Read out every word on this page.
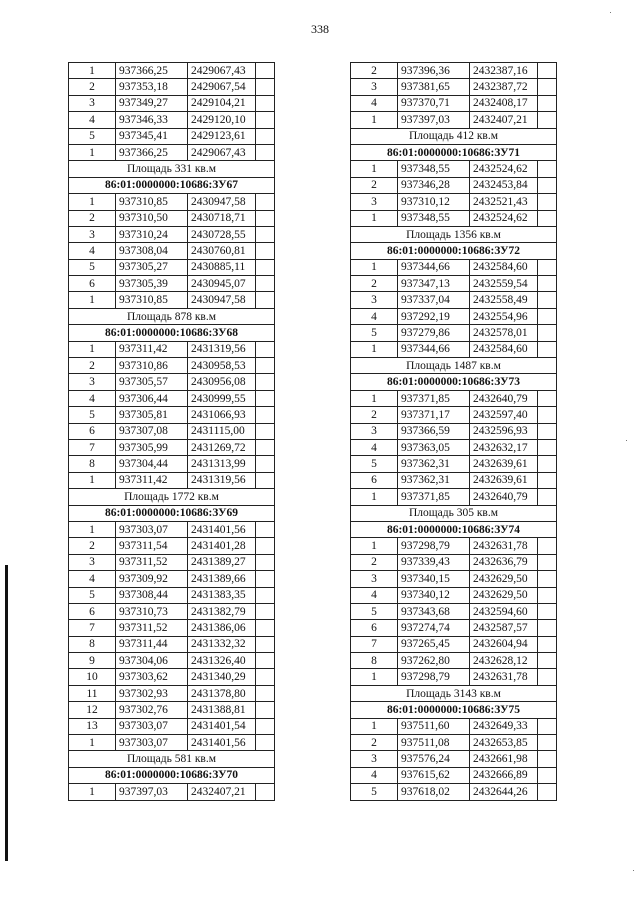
338
1	937366,25	2429067,43	
2	937353,18	2429067,54	
3	937349,27	2429104,21	
4	937346,33	2429120,10	
5	937345,41	2429123,61	
1	937366,25	2429067,43	
Площадь 331 кв.м			
86:01:0000000:10686:ЗУ67			
1	937310,85	2430947,58	
2	937310,50	2430718,71	
3	937310,24	2430728,55	
4	937308,04	2430760,81	
5	937305,27	2430885,11	
6	937305,39	2430945,07	
1	937310,85	2430947,58	
Площадь 878 кв.м			
86:01:0000000:10686:ЗУ68			
1	937311,42	2431319,56	
2	937310,86	2430958,53	
3	937305,57	2430956,08	
4	937306,44	2430999,55	
5	937305,81	2431066,93	
6	937307,08	2431115,00	
7	937305,99	2431269,72	
8	937304,44	2431313,99	
1	937311,42	2431319,56	
Площадь 1772 кв.м			
86:01:0000000:10686:ЗУ69			
1	937303,07	2431401,56	
2	937311,54	2431401,28	
3	937311,52	2431389,27	
4	937309,92	2431389,66	
5	937308,44	2431383,35	
6	937310,73	2431382,79	
7	937311,52	2431386,06	
8	937311,44	2431332,32	
9	937304,06	2431326,40	
10	937303,62	2431340,29	
11	937302,93	2431378,80	
12	937302,76	2431388,81	
13	937303,07	2431401,54	
1	937303,07	2431401,56	
Площадь 581 кв.м			
86:01:0000000:10686:ЗУ70			
1	937397,03	2432407,21	
2	937396,36	2432387,16	
3	937381,65	2432387,72	
4	937370,71	2432408,17	
1	937397,03	2432407,21	
Площадь 412 кв.м			
86:01:0000000:10686:ЗУ71			
1	937348,55	2432524,62	
2	937346,28	2432453,84	
3	937310,12	2432521,43	
1	937348,55	2432524,62	
Площадь 1356 кв.м			
86:01:0000000:10686:ЗУ72			
1	937344,66	2432584,60	
2	937347,13	2432559,54	
3	937337,04	2432558,49	
4	937292,19	2432554,96	
5	937279,86	2432578,01	
1	937344,66	2432584,60	
Площадь 1487 кв.м			
86:01:0000000:10686:ЗУ73			
1	937371,85	2432640,79	
2	937371,17	2432597,40	
3	937366,59	2432596,93	
4	937363,05	2432632,17	
5	937362,31	2432639,61	
6	937362,31	2432639,61	
1	937371,85	2432640,79	
Площадь 305 кв.м			
86:01:0000000:10686:ЗУ74			
1	937298,79	2432631,78	
2	937339,43	2432636,79	
3	937340,15	2432629,50	
4	937340,12	2432629,50	
5	937343,68	2432594,60	
6	937274,74	2432587,57	
7	937265,45	2432604,94	
8	937262,80	2432628,12	
1	937298,79	2432631,78	
Площадь 3143 кв.м			
86:01:0000000:10686:ЗУ75			
1	937511,60	2432649,33	
2	937511,08	2432653,85	
3	937576,24	2432661,98	
4	937615,62	2432666,89	
5	937618,02	2432644,26	
